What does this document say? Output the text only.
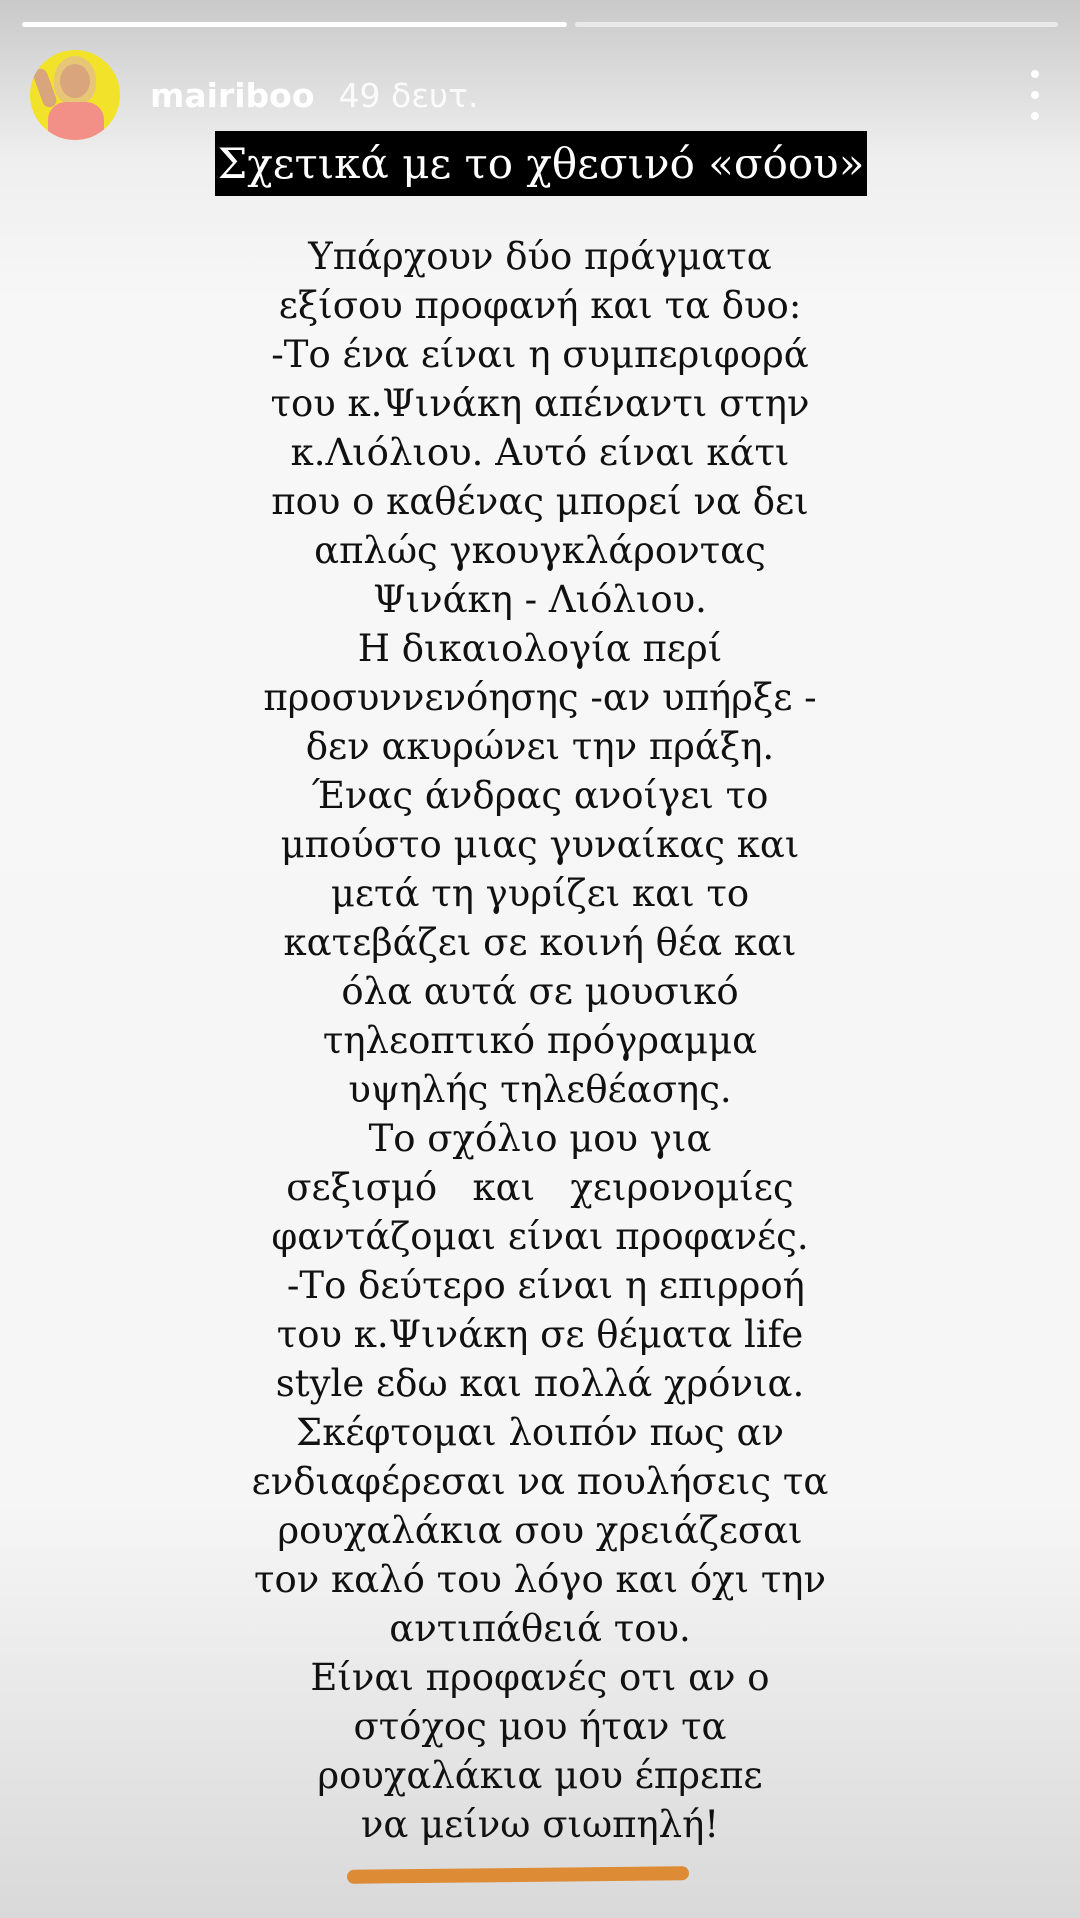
mairiboo 49 δευτ.
Σχετικά με το χθεσινό «σόου»
Υπάρχουν δύο πράγματα
εξίσου προφανή και τα δυο:
-Το ένα είναι η συμπεριφορά
του κ.Ψινάκη απέναντι στην
κ.Λιόλιου. Αυτό είναι κάτι
που ο καθένας μπορεί να δει
απλώς γκουγκλάροντας
Ψινάκη - Λιόλιου.
Η δικαιολογία περί
προσυννενόησης -αν υπήρξε -
δεν ακυρώνει την πράξη.
Ένας άνδρας ανοίγει το
μπούστο μιας γυναίκας και
μετά τη γυρίζει και το
κατεβάζει σε κοινή θέα και
όλα αυτά σε μουσικό
τηλεοπτικό πρόγραμμα
υψηλής τηλεθέασης.
Το σχόλιο μου για
σεξισμό   και   χειρονομίες
φαντάζομαι είναι προφανές.
-Το δεύτερο είναι η επιρροή
του κ.Ψινάκη σε θέματα life
style εδω και πολλά χρόνια.
Σκέφτομαι λοιπόν πως αν
ενδιαφέρεσαι να πουλήσεις τα
ρουχαλάκια σου χρειάζεσαι
τον καλό του λόγο και όχι την
αντιπάθειά του.
Είναι προφανές οτι αν ο
στόχος μου ήταν τα
ρουχαλάκια μου έπρεπε
να μείνω σιωπηλή!
